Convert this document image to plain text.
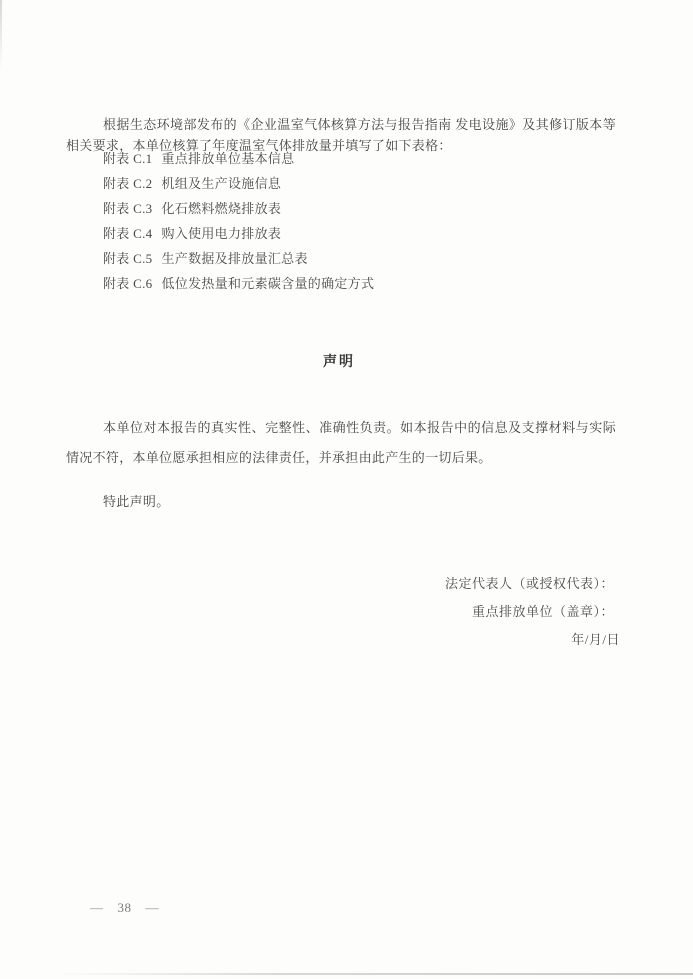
根据生态环境部发布的《企业温室气体核算方法与报告指南 发电设施》及其修订版本等相关要求，本单位核算了年度温室气体排放量并填写了如下表格：

附表 C.1 重点排放单位基本信息
附表 C.2 机组及生产设施信息
附表 C.3 化石燃料燃烧排放表
附表 C.4 购入使用电力排放表
附表 C.5 生产数据及排放量汇总表
附表 C.6 低位发热量和元素碳含量的确定方式
声明

本单位对本报告的真实性、完整性、准确性负责。如本报告中的信息及支撑材料与实际情况不符，本单位愿承担相应的法律责任，并承担由此产生的一切后果。

特此声明。
法定代表人（或授权代表）：
重点排放单位（盖章）：
年/月/日
— 38 —
